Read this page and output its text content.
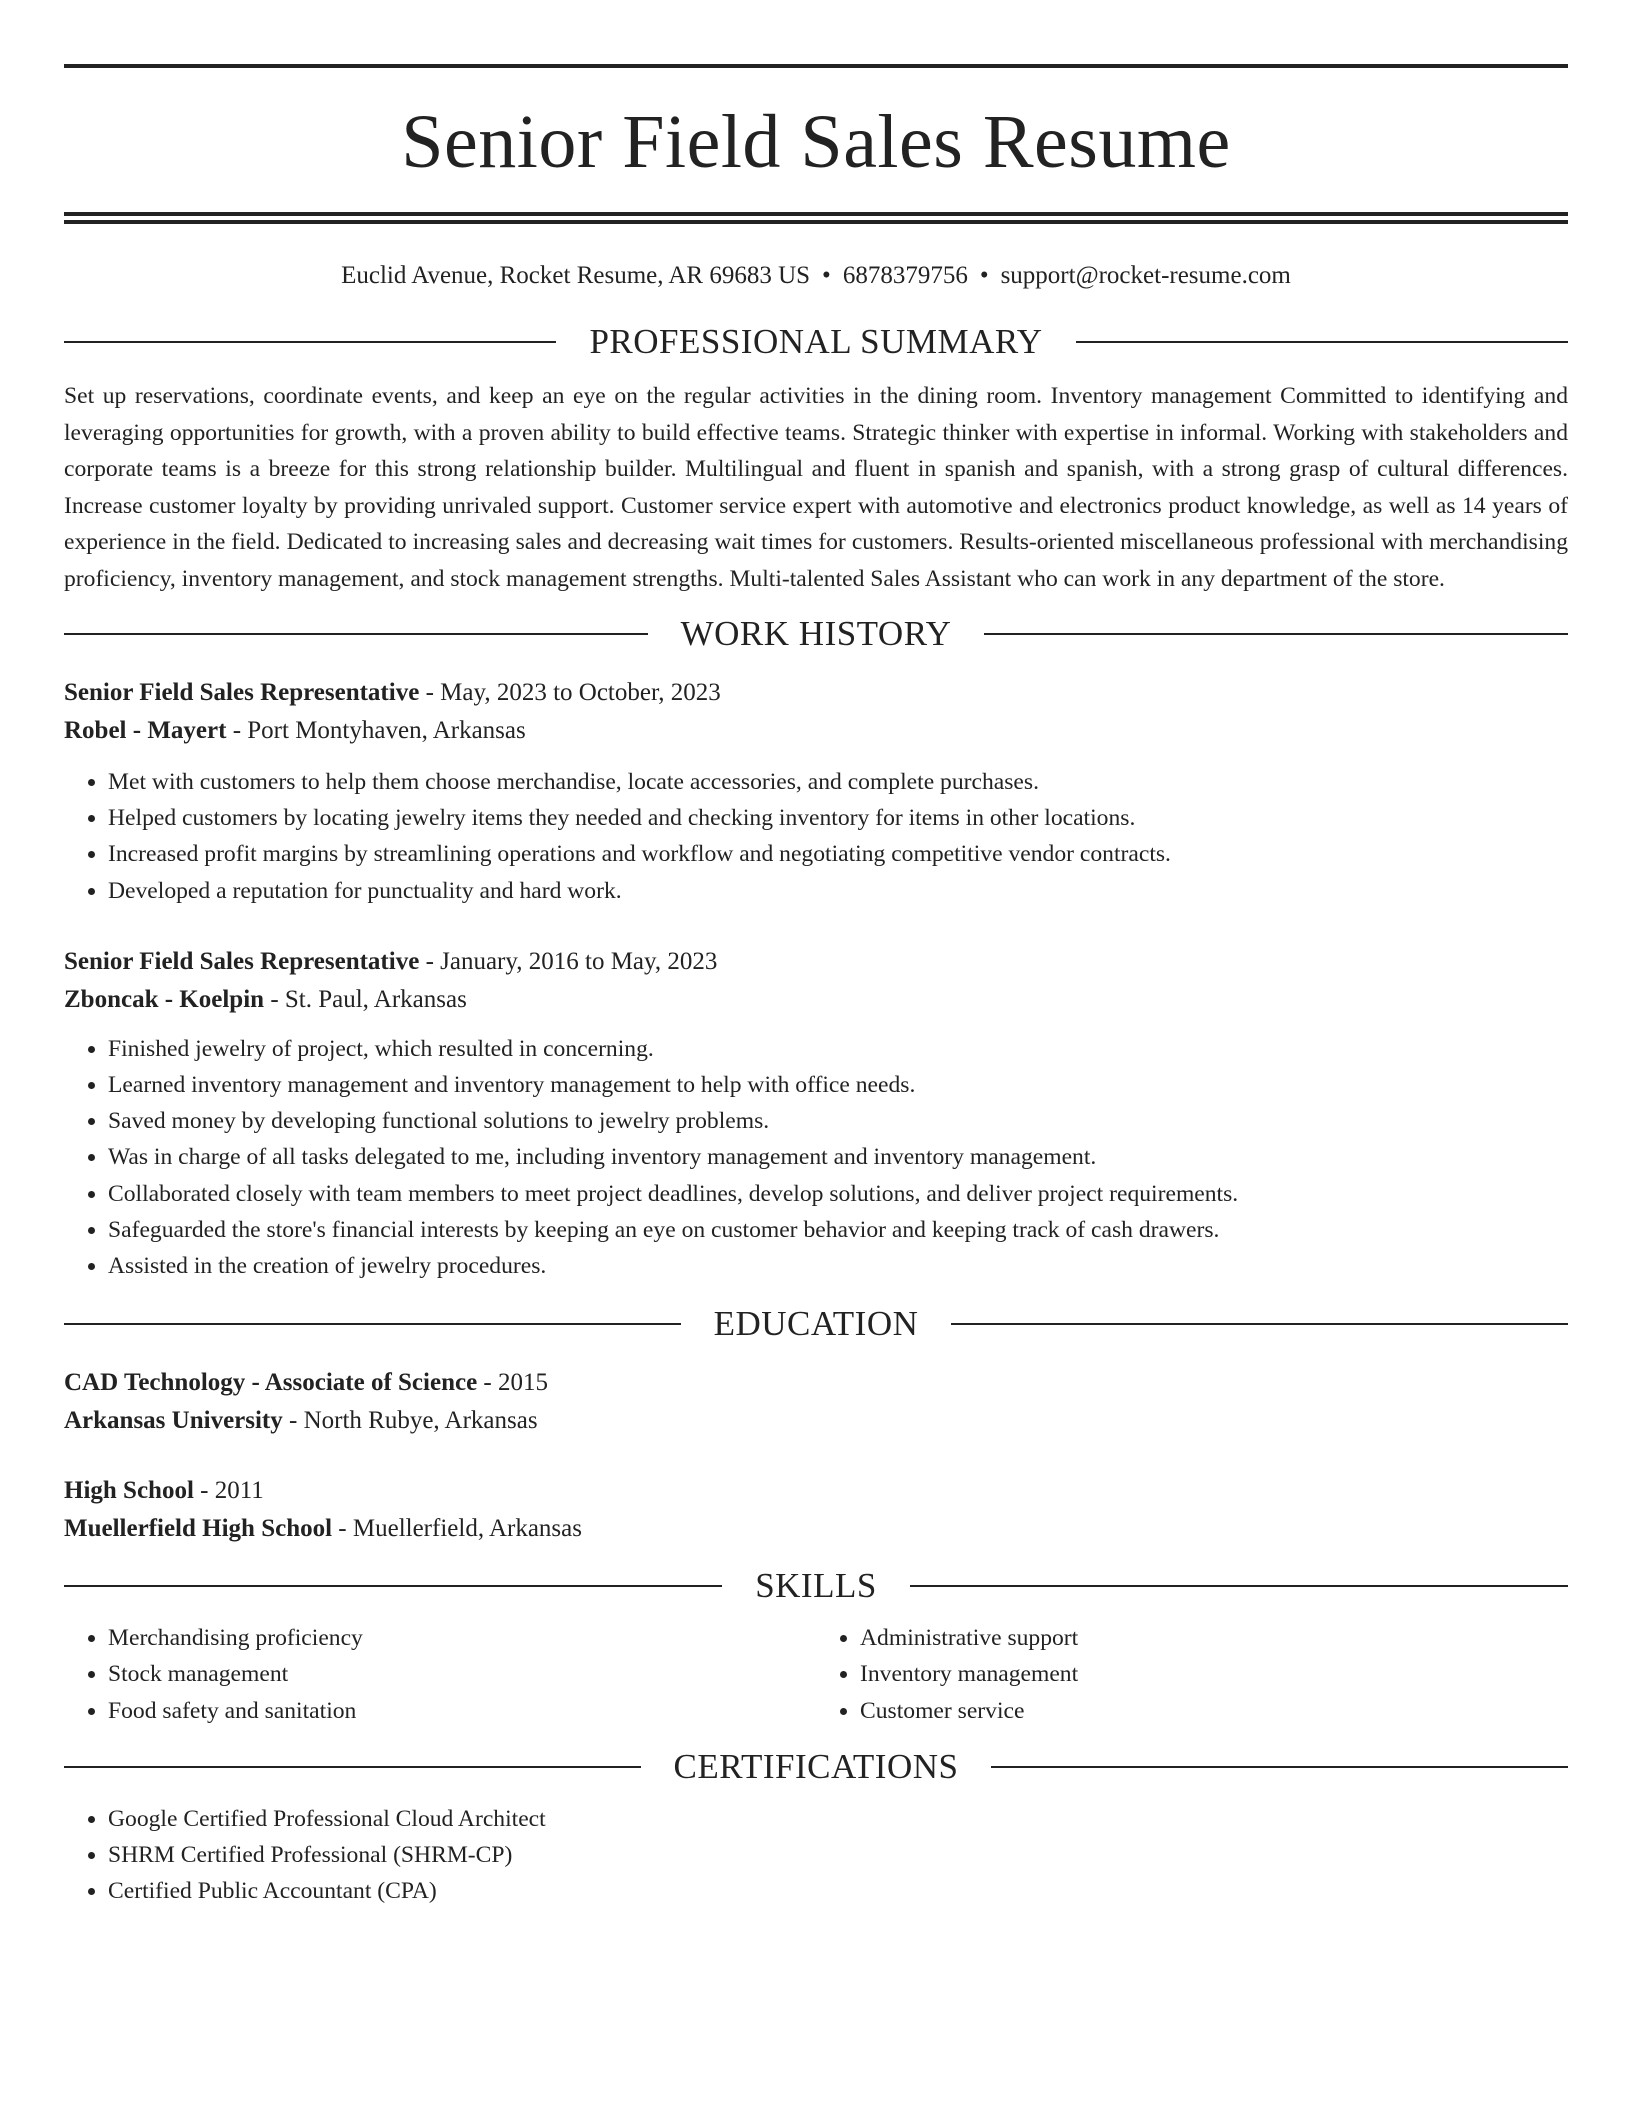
Senior Field Sales Resume
Euclid Avenue, Rocket Resume, AR 69683 US • 6878379756 • support@rocket-resume.com
PROFESSIONAL SUMMARY

Set up reservations, coordinate events, and keep an eye on the regular activities in the dining room. Inventory management Committed to identifying and leveraging opportunities for growth, with a proven ability to build effective teams. Strategic thinker with expertise in informal. Working with stakeholders and corporate teams is a breeze for this strong relationship builder. Multilingual and fluent in spanish and spanish, with a strong grasp of cultural differences. Increase customer loyalty by providing unrivaled support. Customer service expert with automotive and electronics product knowledge, as well as 14 years of experience in the field. Dedicated to increasing sales and decreasing wait times for customers. Results-oriented miscellaneous professional with merchandising proficiency, inventory management, and stock management strengths. Multi-talented Sales Assistant who can work in any department of the store.

WORK HISTORY
Senior Field Sales Representative - May, 2023 to October, 2023
Robel - Mayert - Port Montyhaven, Arkansas
• Met with customers to help them choose merchandise, locate accessories, and complete purchases.
• Helped customers by locating jewelry items they needed and checking inventory for items in other locations.
• Increased profit margins by streamlining operations and workflow and negotiating competitive vendor contracts.
• Developed a reputation for punctuality and hard work.
Senior Field Sales Representative - January, 2016 to May, 2023
Zboncak - Koelpin - St. Paul, Arkansas
• Finished jewelry of project, which resulted in concerning.
• Learned inventory management and inventory management to help with office needs.
• Saved money by developing functional solutions to jewelry problems.
• Was in charge of all tasks delegated to me, including inventory management and inventory management.
• Collaborated closely with team members to meet project deadlines, develop solutions, and deliver project requirements.
• Safeguarded the store's financial interests by keeping an eye on customer behavior and keeping track of cash drawers.
• Assisted in the creation of jewelry procedures.
EDUCATION
CAD Technology - Associate of Science - 2015
Arkansas University - North Rubye, Arkansas
High School - 2011
Muellerfield High School - Muellerfield, Arkansas
SKILLS
• Merchandising proficiency
• Stock management
• Food safety and sanitation
• Administrative support
• Inventory management
• Customer service
CERTIFICATIONS
• Google Certified Professional Cloud Architect
• SHRM Certified Professional (SHRM-CP)
• Certified Public Accountant (CPA)
